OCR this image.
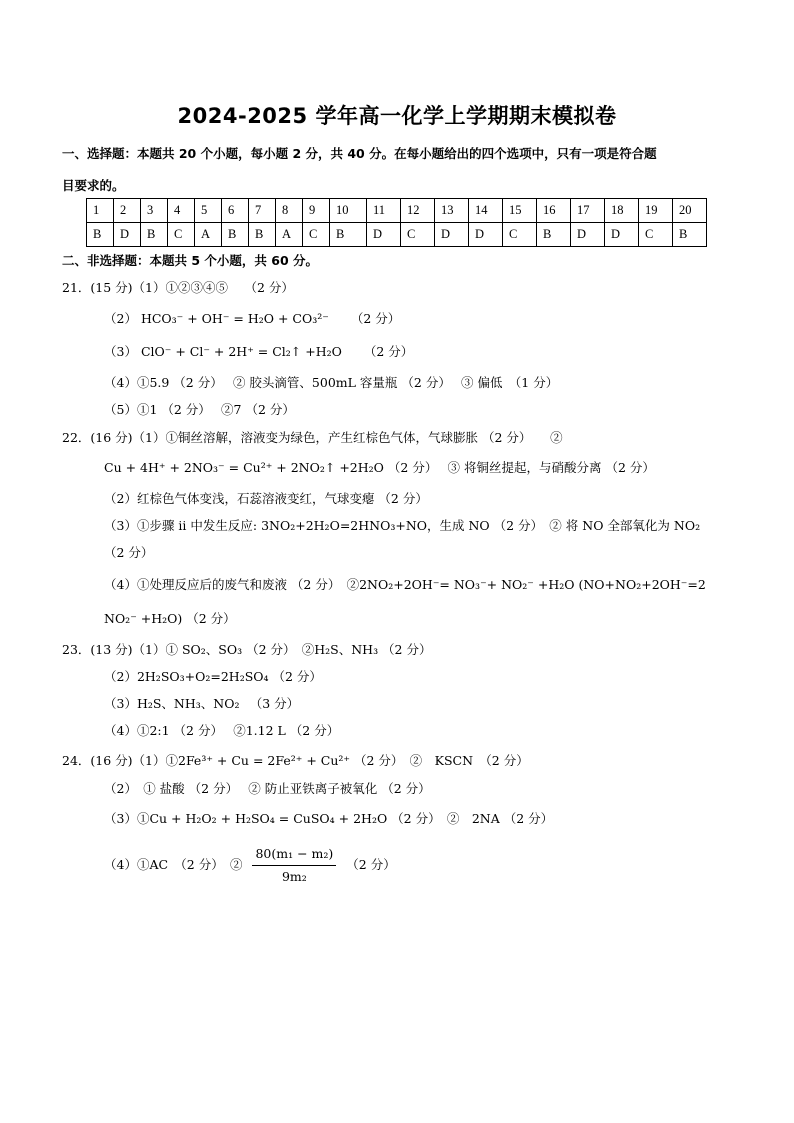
2024-2025 学年高一化学上学期期末模拟卷
一、选择题：本题共 20 个小题，每小题 2 分，共 40 分。在每小题给出的四个选项中，只有一项是符合题
目要求的。
1	2	3	4	5	6	7	8	9	10	11	12	13	14	15	16	17	18	19	20
B	D	B	C	A	B	B	A	C	B	D	C	D	D	C	B	D	D	C	B
二、非选择题：本题共 5 个小题，共 60 分。
21．(15 分)（1）①②③④⑤　 （2 分）
（2） HCO₃⁻ + OH⁻ = H₂O + CO₃²⁻ （2 分）
（3） ClO⁻ + Cl⁻ + 2H⁺ = Cl₂↑ +H₂O （2 分）
（4）①5.9 （2 分）　 ② 胶头滴管、500mL 容量瓶 （2 分）　 ③ 偏低　（1 分）
（5）①1 （2 分）　 ②7 （2 分）
22．(16 分)（1）①铜丝溶解，溶液变为绿色，产生红棕色气体，气球膨胀 （2 分）　　②
Cu + 4H⁺ + 2NO₃⁻ = Cu²⁺ + 2NO₂↑ +2H₂O （2 分）　 ③ 将铜丝提起，与硝酸分离 （2 分）
（2）红棕色气体变浅，石蕊溶液变红，气球变瘪 （2 分）
（3）①步骤 ii 中发生反应: 3NO₂+2H₂O=2HNO₃+NO，生成 NO （2 分）　② 将 NO 全部氧化为 NO₂
（2 分）
（4）①处理反应后的废气和废液 （2 分）　②2NO₂+2OH⁻= NO₃⁻+ NO₂⁻ +H₂O (NO+NO₂+2OH⁻=2
NO₂⁻ +H₂O) （2 分）
23．(13 分)（1）① SO₂、SO₃ （2 分）　②H₂S、NH₃ （2 分）
（2）2H₂SO₃+O₂=2H₂SO₄ （2 分）
（3）H₂S、NH₃、NO₂ 　（3 分）
（4）①2:1 （2 分）　 ②1.12 L （2 分）
24．(16 分)（1）①2Fe³⁺ + Cu = 2Fe²⁺ + Cu²⁺ （2 分）　②　KSCN　（2 分）
（2）　① 盐酸 （2 分）　 ② 防止亚铁离子被氧化 （2 分）
（3）①Cu + H₂O₂ + H₂SO₄ = CuSO₄ + 2H₂O （2 分）　②　2NA （2 分）
（4）①AC　（2 分）　② $\frac{\text{80(m₁ − m₂)}}{\text{9m₂}} (2$ 分）
